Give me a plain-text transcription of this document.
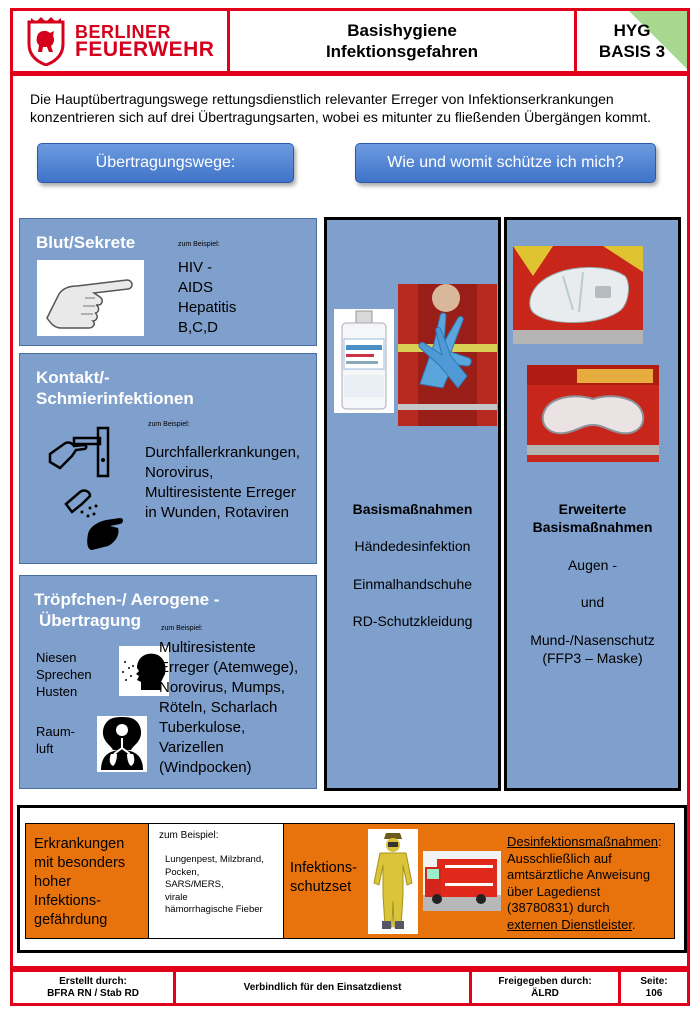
BERLINER
FEUERWEHR
Basishygiene
Infektionsgefahren
HYG
BASIS 3
Die Hauptübertragungswege rettungsdienstlich relevanter Erreger von Infektionserkrankungen konzentrieren sich auf drei Übertragungsarten, wobei es mitunter zu fließenden Übergängen kommt.
Übertragungswege:	Wie und womit schütze ich mich?
Blut/Sekrete	zum Beispiel:
HIV -
AIDS
Hepatitis
B,C,D
Kontakt/-
Schmierinfektionen
zum Beispiel:
Durchfallerkrankungen,
Norovirus,
Multiresistente Erreger
in Wunden, Rotaviren
Tröpfchen-/ Aerogene -
Übertragung	zum Beispiel:
Niesen
Sprechen
Husten
Raum-
luft
Multiresistente
Erreger (Atemwege),
Norovirus, Mumps,
Röteln, Scharlach
Tuberkulose,
Varizellen
(Windpocken)
Basismaßnahmen
Händedesinfektion
Einmalhandschuhe
RD-Schutzkleidung
Erweiterte
Basismaßnahmen
Augen -
und
Mund-/Nasenschutz
(FFP3 – Maske)
Erkrankungen
mit besonders
hoher
Infektions-
gefährdung
zum Beispiel:
Lungenpest, Milzbrand,
Pocken,
SARS/MERS,
virale
hämorrhagische Fieber
Infektions-
schutzset
Desinfektionsmaßnahmen:
Ausschließlich auf
amtsärztliche Anweisung
über Lagedienst
(38780831) durch
externen Dienstleister.
Erstellt durch:
BFRA RN / Stab RD
Verbindlich für den Einsatzdienst
Freigegeben durch:
ÄLRD
Seite:
106
